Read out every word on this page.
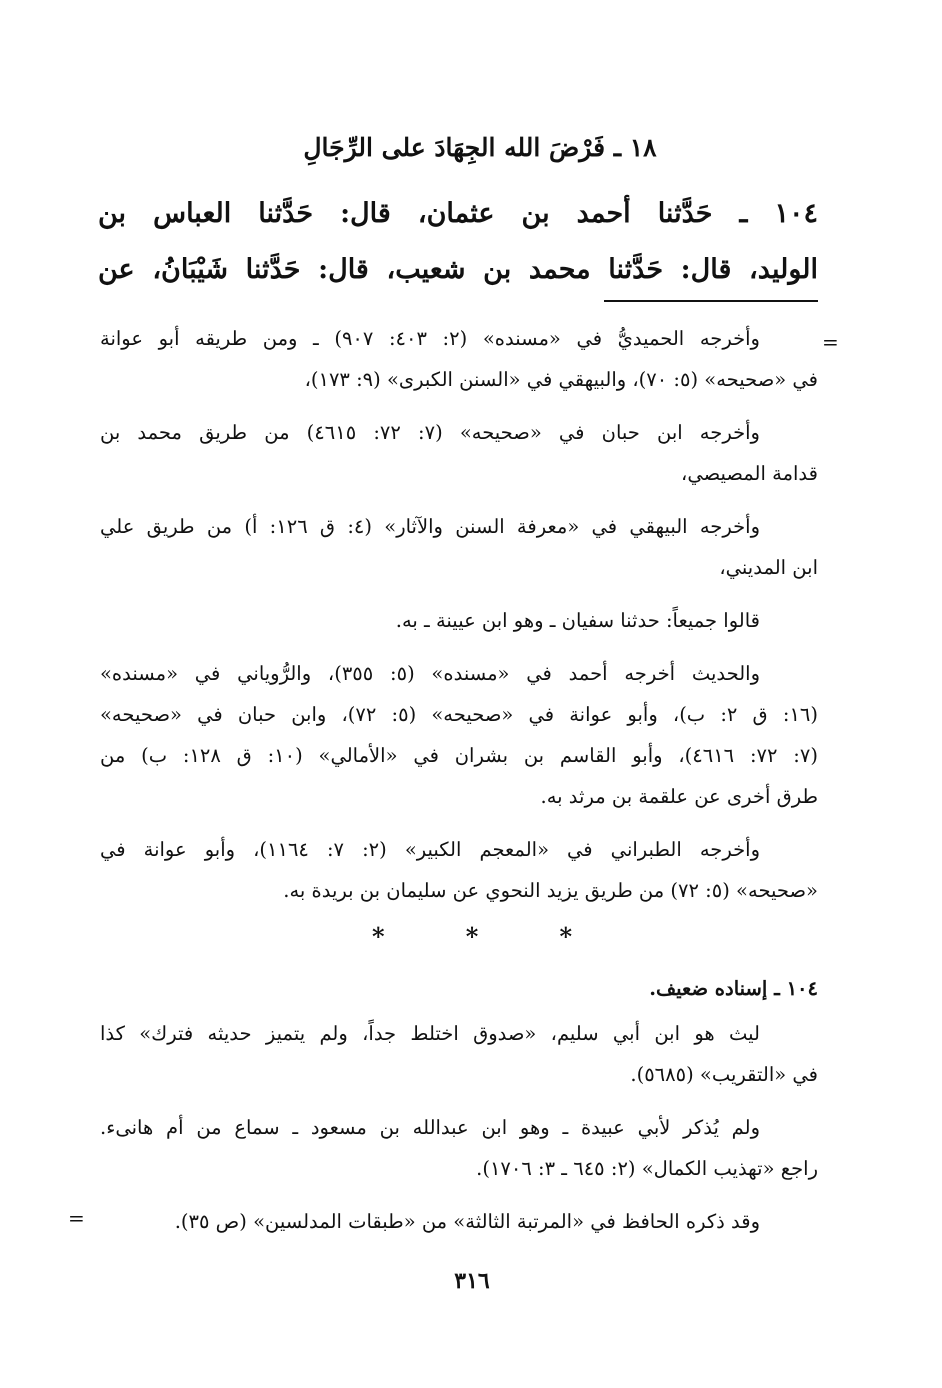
١٨ ـ فَرْضَ الله الجِهَادَ على الرِّجَالِ
١٠٤ ـ حَدَّثنا أحمد بن عثمان، قال: حَدَّثنا العباس بن
الوليد، قال: حَدَّثنا محمد بن شعيب، قال: حَدَّثنا شَيْبَانُ، عن
=
وأخرجه الحميديُّ في «مسنده» (٢: ٤٠٣: ٩٠٧) ـ ومن طريقه أبو عوانة
في «صحيحه» (٥: ٧٠)، والبيهقي في «السنن الكبرى» (٩: ١٧٣)،
وأخرجه ابن حبان في «صحيحه» (٧: ٧٢: ٤٦١٥) من طريق محمد بن
قدامة المصيصي،
وأخرجه البيهقي في «معرفة السنن والآثار» (٤: ق ١٢٦: أ) من طريق علي
ابن المديني،
قالوا جميعاً: حدثنا سفيان ـ وهو ابن عيينة ـ به.
والحديث أخرجه أحمد في «مسنده» (٥: ٣٥٥)، والرُّوياني في «مسنده»
(١٦: ق ٢: ب)، وأبو عوانة في «صحيحه» (٥: ٧٢)، وابن حبان في «صحيحه»
(٧: ٧٢: ٤٦١٦)، وأبو القاسم بن بشران في «الأمالي» (١٠: ق ١٢٨: ب) من
طرق أخرى عن علقمة بن مرثد به.
وأخرجه الطبراني في «المعجم الكبير» (٢: ٧: ١١٦٤)، وأبو عوانة في
«صحيحه» (٥: ٧٢) من طريق يزيد النحوي عن سليمان بن بريدة به.
*
*
*
١٠٤ ـ إسناده ضعيف.
ليث هو ابن أبي سليم، «صدوق اختلط جداً، ولم يتميز حديثه فترك» كذا
في «التقريب» (٥٦٨٥).
ولم يُذكر لأبي عبيدة ـ وهو ابن عبدالله بن مسعود ـ سماع من أم هانىء.
راجع «تهذيب الكمال» (٢: ٦٤٥ ـ ٣: ١٧٠٦).
وقد ذكره الحافظ في «المرتبة الثالثة» من «طبقات المدلسين» (ص ٣٥).
=
٣١٦
